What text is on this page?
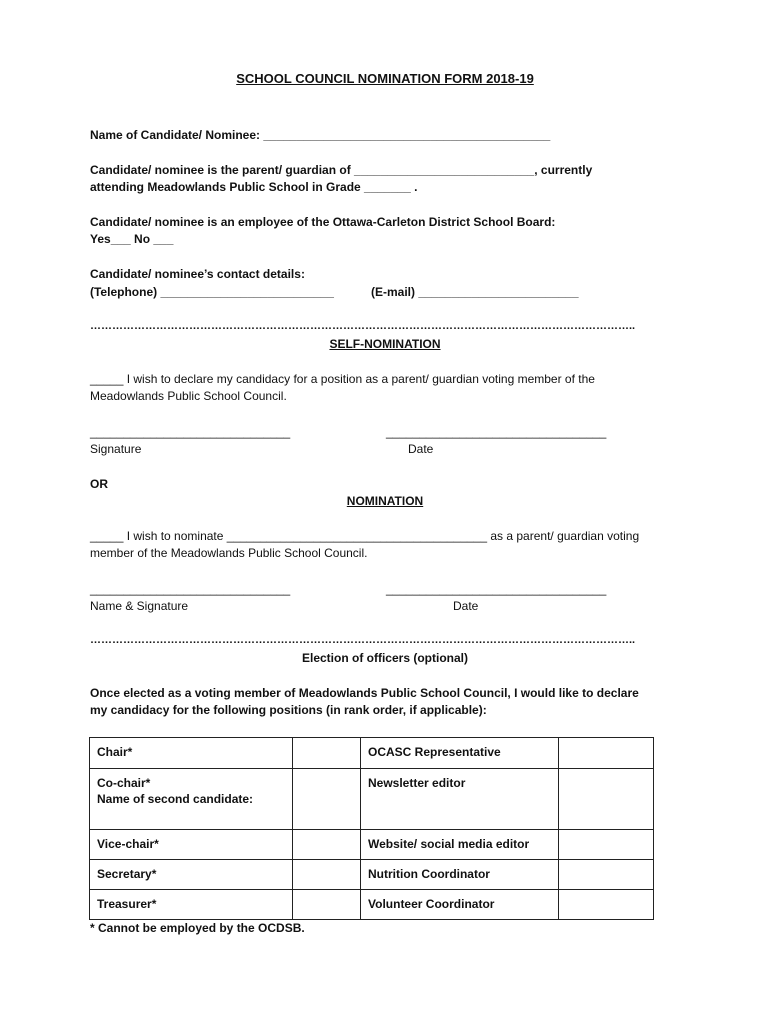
SCHOOL COUNCIL NOMINATION FORM 2018-19
Name of Candidate/ Nominee: ___________________________________________
Candidate/ nominee is the parent/ guardian of ___________________________, currently
attending Meadowlands Public School in Grade _______ .
Candidate/ nominee is an employee of the Ottawa-Carleton District School Board:
Yes___ No ___
Candidate/ nominee’s contact details:
(Telephone) __________________________	(E-mail) ________________________
…………………………………………………………………………………………………………………………………..
SELF-NOMINATION
_____ I wish to declare my candidacy for a position as a parent/ guardian voting member of the
Meadowlands Public School Council.
______________________________	_________________________________
Signature	Date
OR
NOMINATION
_____ I wish to nominate _______________________________________ as a parent/ guardian voting
member of the Meadowlands Public School Council.
______________________________	_________________________________
Name & Signature	Date
…………………………………………………………………………………………………………………………………..
Election of officers (optional)
Once elected as a voting member of Meadowlands Public School Council, I would like to declare
my candidacy for the following positions (in rank order, if applicable):
Chair*		OCASC Representative	

Co-chair*
Name of second candidate:		Newsletter editor	
Vice-chair*		Website/ social media editor	
Secretary*		Nutrition Coordinator	
Treasurer*		Volunteer Coordinator	
* Cannot be employed by the OCDSB.
